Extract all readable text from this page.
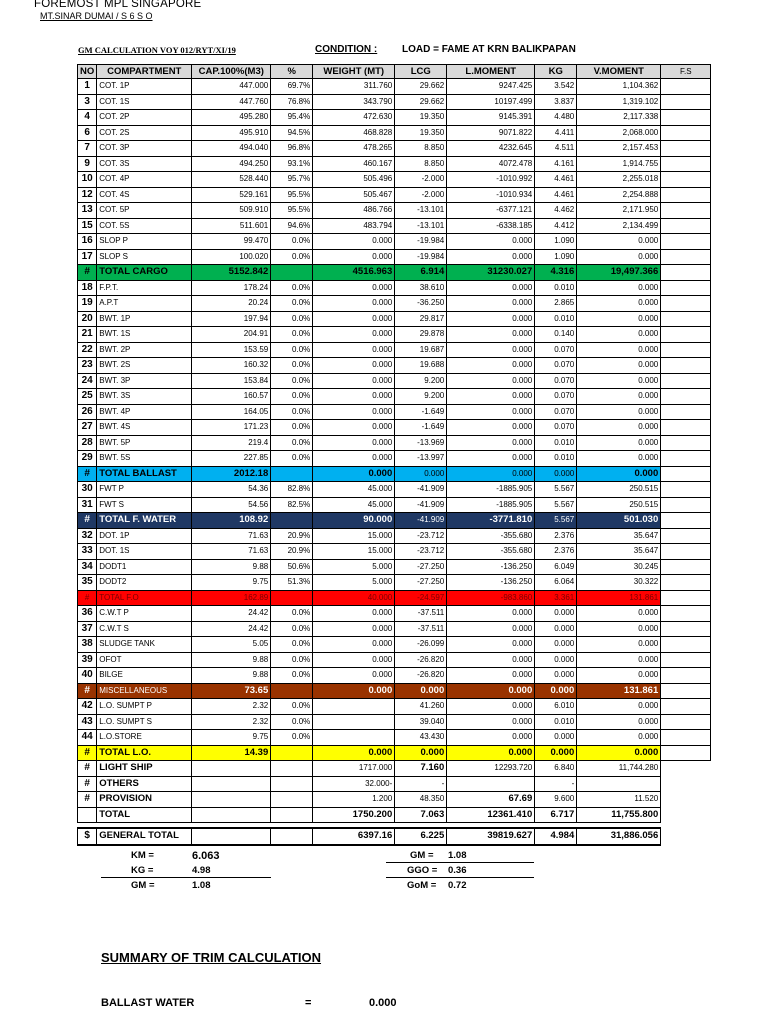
FOREMOST MPL SINGAPORE
MT.SINAR DUMAI / S 6 S O
GM CALCULATION VOY 012/RYT/XI/19	CONDITION : LOAD = FAME AT KRN BALIKPAPAN
NO	COMPARTMENT	CAP.100%(M3)	%	WEIGHT (MT)	LCG	L.MOMENT	KG	V.MOMENT	F.S
1	COT. 1P	447.000	69.7%	311.760	29.662	9247.425	3.542	1,104.362	
3	COT. 1S	447.760	76.8%	343.790	29.662	10197.499	3.837	1,319.102	
4	COT. 2P	495.280	95.4%	472.630	19.350	9145.391	4.480	2,117.338	
6	COT. 2S	495.910	94.5%	468.828	19.350	9071.822	4.411	2,068.000	
7	COT. 3P	494.040	96.8%	478.265	8.850	4232.645	4.511	2,157.453	
9	COT. 3S	494.250	93.1%	460.167	8.850	4072.478	4.161	1,914.755	
10	COT. 4P	528.440	95.7%	505.496	-2.000	-1010.992	4.461	2,255.018	
12	COT. 4S	529.161	95.5%	505.467	-2.000	-1010.934	4.461	2,254.888	
13	COT. 5P	509.910	95.5%	486.766	-13.101	-6377.121	4.462	2,171.950	
15	COT. 5S	511.601	94.6%	483.794	-13.101	-6338.185	4.412	2,134.499	
16	SLOP P	99.470	0.0%	0.000	-19.984	0.000	1.090	0.000	
17	SLOP S	100.020	0.0%	0.000	-19.984	0.000	1.090	0.000	
#	TOTAL CARGO	5152.842		4516.963	6.914	31230.027	4.316	19,497.366	
18	F.P.T.	178.24	0.0%	0.000	38.610	0.000	0.010	0.000	
19	A.P.T	20.24	0.0%	0.000	-36.250	0.000	2.865	0.000	
20	BWT. 1P	197.94	0.0%	0.000	29.817	0.000	0.010	0.000	
21	BWT. 1S	204.91	0.0%	0.000	29.878	0.000	0.140	0.000	
22	BWT. 2P	153.59	0.0%	0.000	19.687	0.000	0.070	0.000	
23	BWT. 2S	160.32	0.0%	0.000	19.688	0.000	0.070	0.000	
24	BWT. 3P	153.84	0.0%	0.000	9.200	0.000	0.070	0.000	
25	BWT. 3S	160.57	0.0%	0.000	9.200	0.000	0.070	0.000	
26	BWT. 4P	164.05	0.0%	0.000	-1.649	0.000	0.070	0.000	
27	BWT. 4S	171.23	0.0%	0.000	-1.649	0.000	0.070	0.000	
28	BWT. 5P	219.4	0.0%	0.000	-13.969	0.000	0.010	0.000	
29	BWT. 5S	227.85	0.0%	0.000	-13.997	0.000	0.010	0.000	
#	TOTAL BALLAST	2012.18		0.000	0.000	0.000	0.000	0.000	
30	FWT P	54.36	82.8%	45.000	-41.909	-1885.905	5.567	250.515	
31	FWT S	54.56	82.5%	45.000	-41.909	-1885.905	5.567	250.515	
#	TOTAL F. WATER	108.92		90.000	-41.909	-3771.810	5.567	501.030	
32	DOT. 1P	71.63	20.9%	15.000	-23.712	-355.680	2.376	35.647	
33	DOT. 1S	71.63	20.9%	15.000	-23.712	-355.680	2.376	35.647	
34	DODT1	9.88	50.6%	5.000	-27.250	-136.250	6.049	30.245	
35	DODT2	9.75	51.3%	5.000	-27.250	-136.250	6.064	30.322	
#	TOTAL F.O	162.89		40.000	-24.597	-983.860	3.361	131.861	
36	C.W.T P	24.42	0.0%	0.000	-37.511	0.000	0.000	0.000	
37	C.W.T S	24.42	0.0%	0.000	-37.511	0.000	0.000	0.000	
38	SLUDGE TANK	5.05	0.0%	0.000	-26.099	0.000	0.000	0.000	
39	OFOT	9.88	0.0%	0.000	-26.820	0.000	0.000	0.000	
40	BILGE	9.88	0.0%	0.000	-26.820	0.000	0.000	0.000	
#	MISCELLANEOUS	73.65		0.000	0.000	0.000	0.000	131.861	
42	L.O. SUMPT P	2.32	0.0%		41.260	0.000	6.010	0.000	
43	L.O. SUMPT S	2.32	0.0%		39.040	0.000	0.010	0.000	
44	L.O.STORE	9.75	0.0%		43.430	0.000	0.000	0.000	
#	TOTAL L.O.	14.39		0.000	0.000	0.000	0.000	0.000	
#	LIGHT SHIP			1717.000	7.160	12293.720	6.840	11,744.280	
#	OTHERS			32.000-	-		-		
#	PROVISION			1.200	48.350	67.69	9.600	11.520	
	TOTAL			1750.200	7.063	12361.410	6.717	11,755.800	

$	GENERAL TOTAL			6397.16	6.225	39819.627	4.984	31,886.056	
KM =	6.063
KG =	4.98
GM =	1.08
GM = 1.08
GGO = 0.36
GoM = 0.72
SUMMARY OF TRIM CALCULATION
BALLAST WATER	=	0.000
